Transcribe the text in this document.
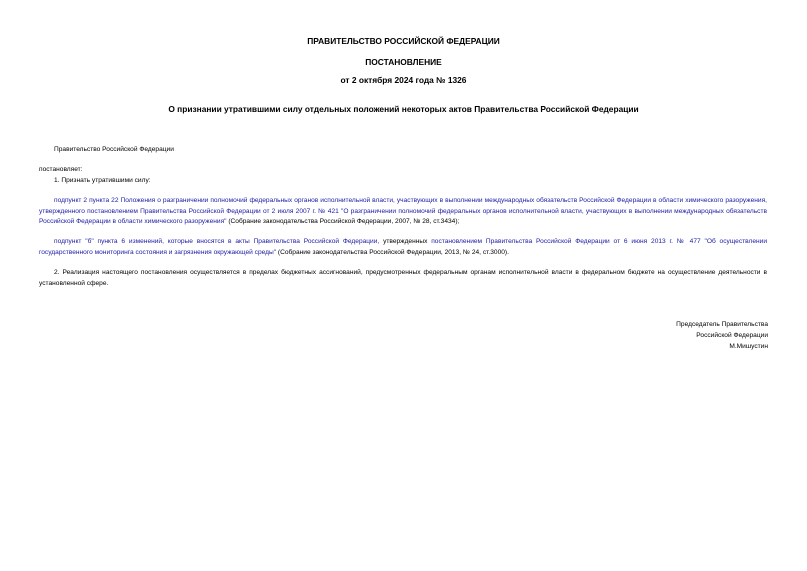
ПРАВИТЕЛЬСТВО РОССИЙСКОЙ ФЕДЕРАЦИИ
ПОСТАНОВЛЕНИЕ
от 2 октября 2024 года № 1326
О признании утратившими силу отдельных положений некоторых актов Правительства Российской Федерации
Правительство Российской Федерации
постановляет:
1. Признать утратившими силу:
подпункт 2 пункта 22 Положения о разграничении полномочий федеральных органов исполнительной власти, участвующих в выполнении международных обязательств Российской Федерации в области химического разоружения, утвержденного постановлением Правительства Российской Федерации от 2 июля 2007 г. № 421 "О разграничении полномочий федеральных органов исполнительной власти, участвующих в выполнении международных обязательств Российской Федерации в области химического разоружения" (Собрание законодательства Российской Федерации, 2007, № 28, ст.3434);
подпункт "б" пункта 6 изменений, которые вносятся в акты Правительства Российской Федерации, утвержденных постановлением Правительства Российской Федерации от 6 июня 2013 г. № 477 "Об осуществлении государственного мониторинга состояния и загрязнения окружающей среды" (Собрание законодательства Российской Федерации, 2013, № 24, ст.3000).
2. Реализация настоящего постановления осуществляется в пределах бюджетных ассигнований, предусмотренных федеральным органам исполнительной власти в федеральном бюджете на осуществление деятельности в установленной сфере.
Председатель Правительства
Российской Федерации
М.Мишустин
